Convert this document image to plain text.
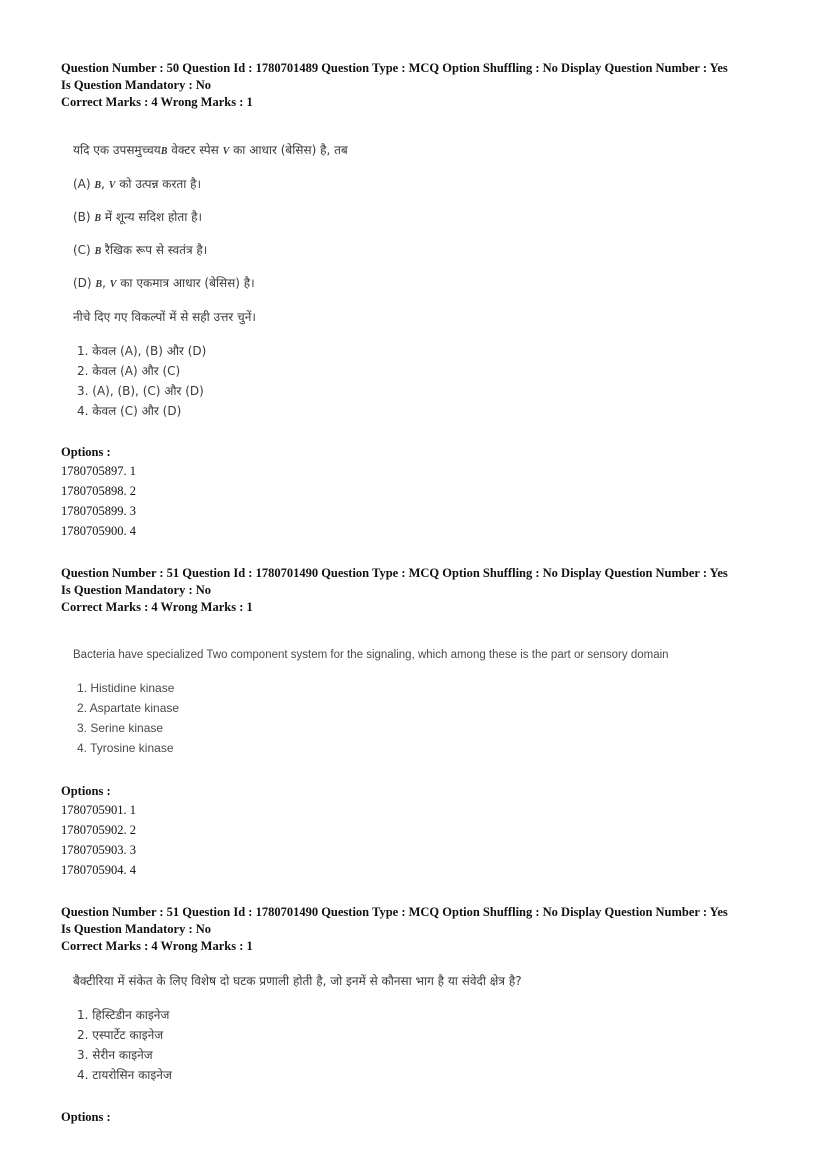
Question Number : 50 Question Id : 1780701489 Question Type : MCQ Option Shuffling : No Display Question Number : Yes
Is Question Mandatory : No
Correct Marks : 4 Wrong Marks : 1
यदि एक उपसमुच्चयB वेक्टर स्पेस V का आधार (बेसिस) है, तब
(A) B, V को उत्पन्न करता है।
(B) B में शून्य सदिश होता है।
(C) B रैखिक रूप से स्वतंत्र है।
(D) B, V का एकमात्र आधार (बेसिस) है।
नीचे दिए गए विकल्पों में से सही उत्तर चुनें।
1. केवल (A), (B) और (D)
2. केवल (A) और (C)
3. (A), (B), (C) और (D)
4. केवल (C) और (D)
Options :
1780705897. 1
1780705898. 2
1780705899. 3
1780705900. 4
Question Number : 51 Question Id : 1780701490 Question Type : MCQ Option Shuffling : No Display Question Number : Yes
Is Question Mandatory : No
Correct Marks : 4 Wrong Marks : 1
Bacteria have specialized Two component system for the signaling, which among these is the part or sensory domain
1. Histidine kinase
2. Aspartate kinase
3. Serine kinase
4. Tyrosine kinase
Options :
1780705901. 1
1780705902. 2
1780705903. 3
1780705904. 4
Question Number : 51 Question Id : 1780701490 Question Type : MCQ Option Shuffling : No Display Question Number : Yes
Is Question Mandatory : No
Correct Marks : 4 Wrong Marks : 1
बैक्टीरिया में संकेत के लिए विशेष दो घटक प्रणाली होती है, जो इनमें से कौनसा भाग है या संवेदी क्षेत्र है?
1. हिस्टिडीन काइनेज
2. एस्पार्टेट काइनेज
3. सेरीन काइनेज
4. टायरोसिन काइनेज
Options :
